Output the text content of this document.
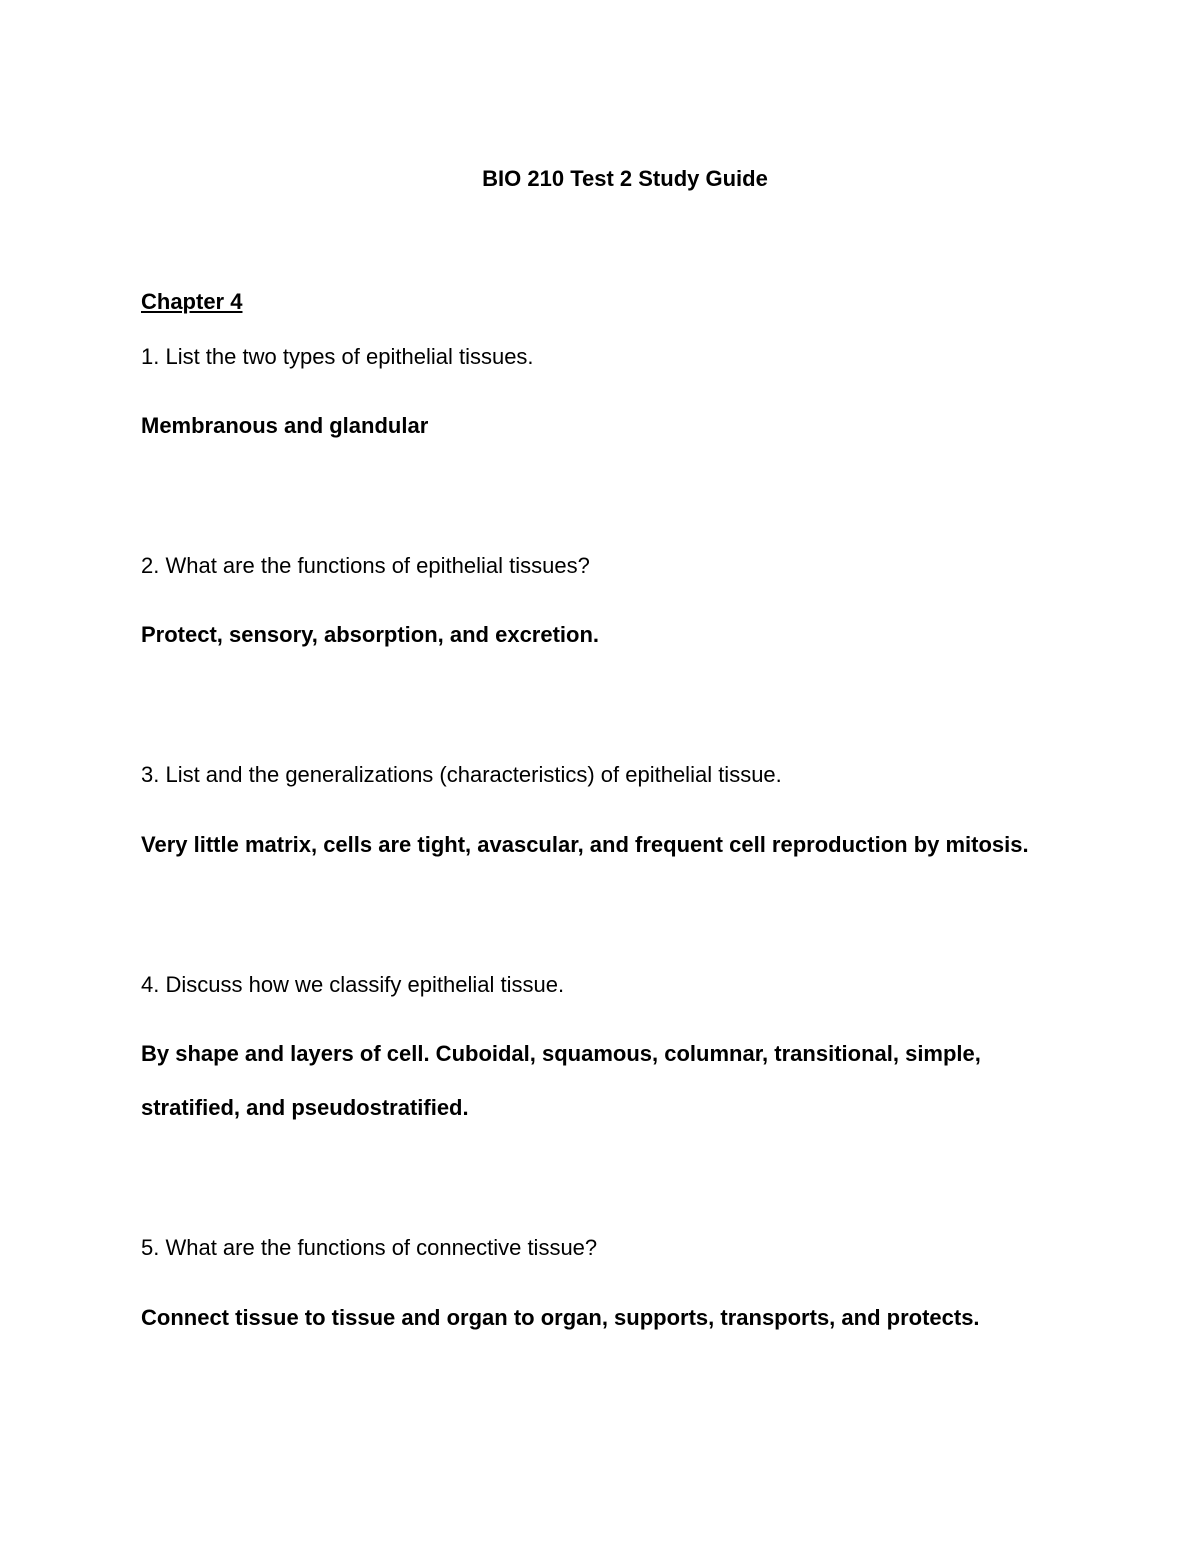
BIO 210 Test 2 Study Guide
Chapter 4
1. List the two types of epithelial tissues.
Membranous and glandular
2. What are the functions of epithelial tissues?
Protect, sensory, absorption, and excretion.
3. List and the generalizations (characteristics) of epithelial tissue.
Very little matrix, cells are tight, avascular, and frequent cell reproduction by mitosis.
4. Discuss how we classify epithelial tissue.
By shape and layers of cell. Cuboidal, squamous, columnar, transitional, simple,
stratified, and pseudostratified.
5. What are the functions of connective tissue?
Connect tissue to tissue and organ to organ, supports, transports, and protects.
